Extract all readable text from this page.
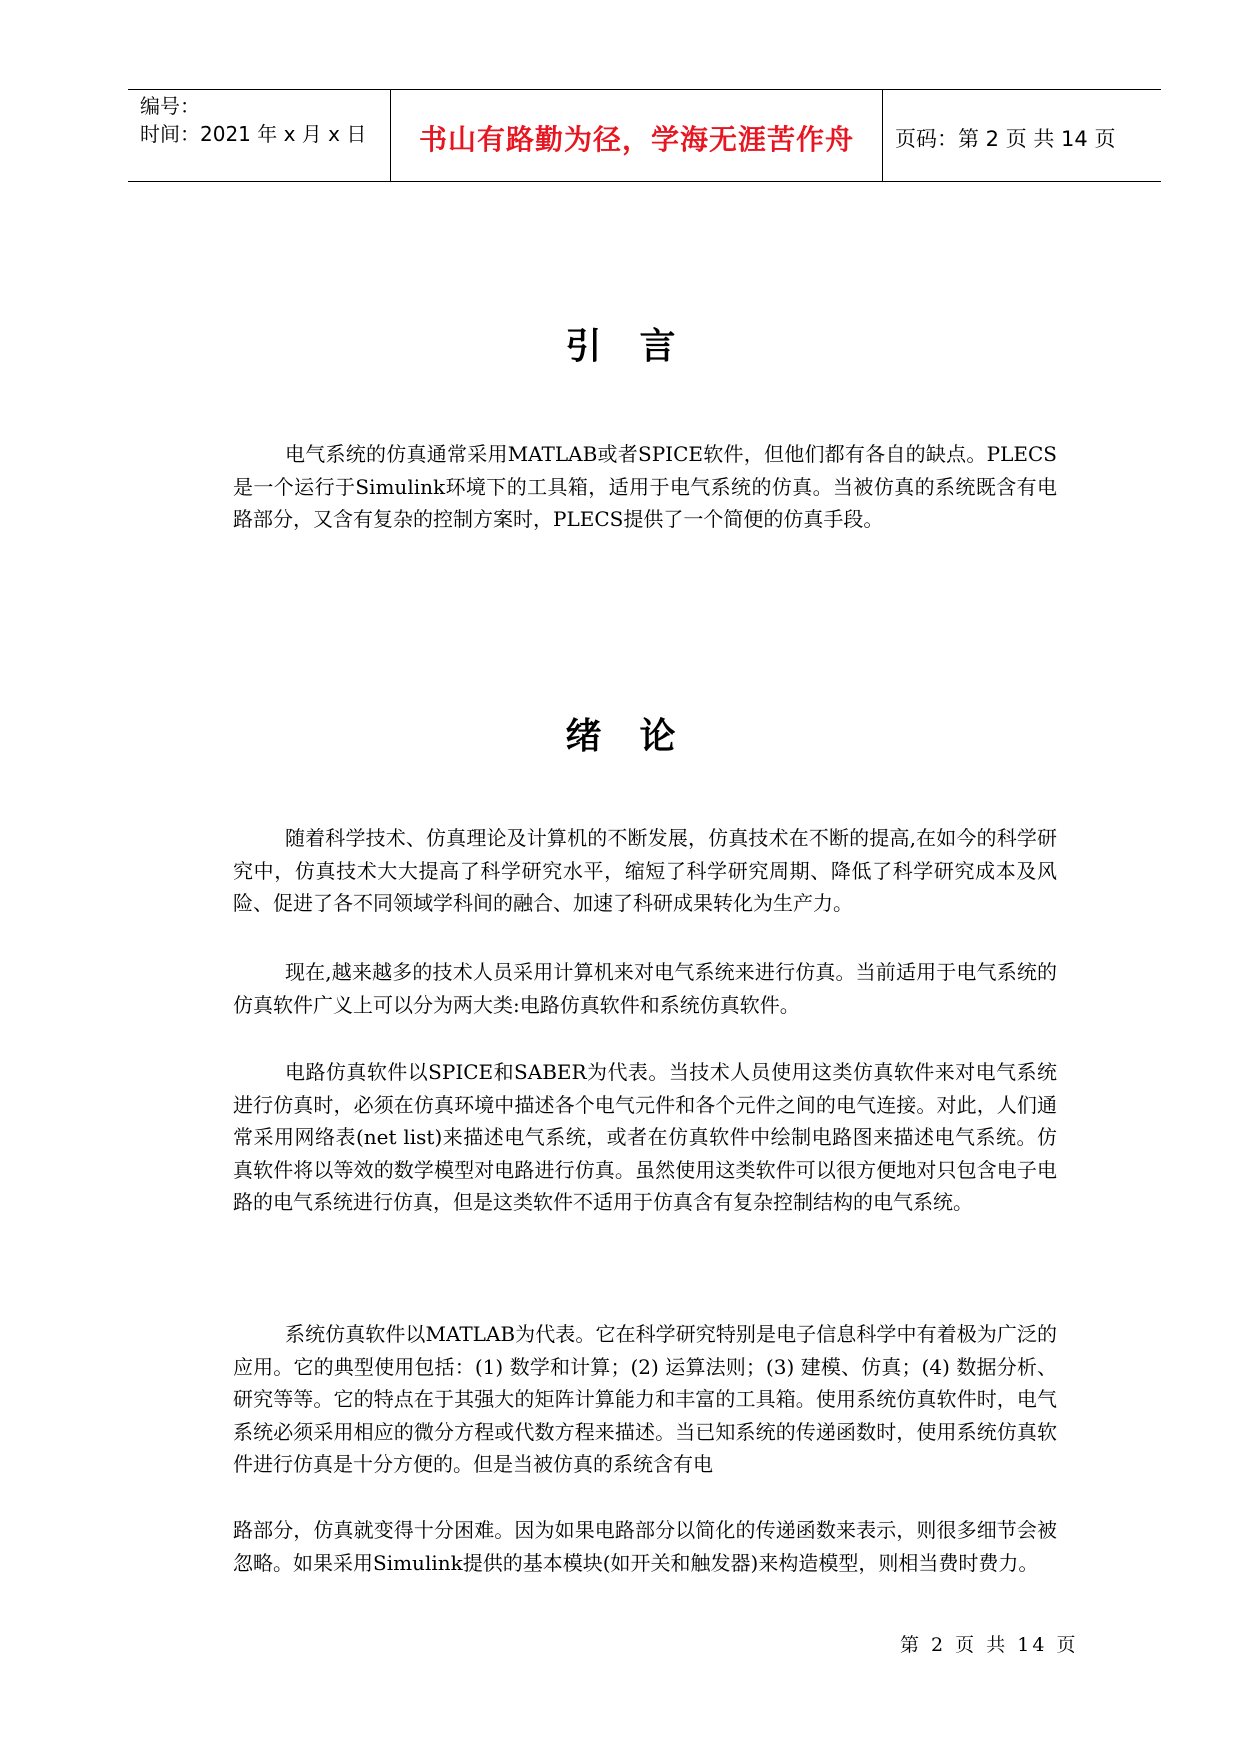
编号：
时间：2021 年 x 月 x 日	书山有路勤为径，学海无涯苦作舟	页码：第 2 页 共 14 页
引言
电气系统的仿真通常采用MATLAB或者SPICE软件，但他们都有各自的缺点。PLECS是一个运行于Simulink环境下的工具箱，适用于电气系统的仿真。当被仿真的系统既含有电路部分，又含有复杂的控制方案时，PLECS提供了一个简便的仿真手段。
绪论
随着科学技术、仿真理论及计算机的不断发展，仿真技术在不断的提高,在如今的科学研究中，仿真技术大大提高了科学研究水平，缩短了科学研究周期、降低了科学研究成本及风险、促进了各不同领域学科间的融合、加速了科研成果转化为生产力。
现在,越来越多的技术人员采用计算机来对电气系统来进行仿真。当前适用于电气系统的仿真软件广义上可以分为两大类:电路仿真软件和系统仿真软件。
电路仿真软件以SPICE和SABER为代表。当技术人员使用这类仿真软件来对电气系统进行仿真时，必须在仿真环境中描述各个电气元件和各个元件之间的电气连接。对此，人们通常采用网络表(net list)来描述电气系统，或者在仿真软件中绘制电路图来描述电气系统。仿真软件将以等效的数学模型对电路进行仿真。虽然使用这类软件可以很方便地对只包含电子电路的电气系统进行仿真，但是这类软件不适用于仿真含有复杂控制结构的电气系统。
系统仿真软件以MATLAB为代表。它在科学研究特别是电子信息科学中有着极为广泛的应用。它的典型使用包括：(1) 数学和计算；(2) 运算法则；(3) 建模、仿真；(4) 数据分析、研究等等。它的特点在于其强大的矩阵计算能力和丰富的工具箱。使用系统仿真软件时，电气系统必须采用相应的微分方程或代数方程来描述。当已知系统的传递函数时，使用系统仿真软件进行仿真是十分方便的。但是当被仿真的系统含有电
路部分，仿真就变得十分困难。因为如果电路部分以简化的传递函数来表示，则很多细节会被忽略。如果采用Simulink提供的基本模块(如开关和触发器)来构造模型，则相当费时费力。
第 2 页 共 14 页
